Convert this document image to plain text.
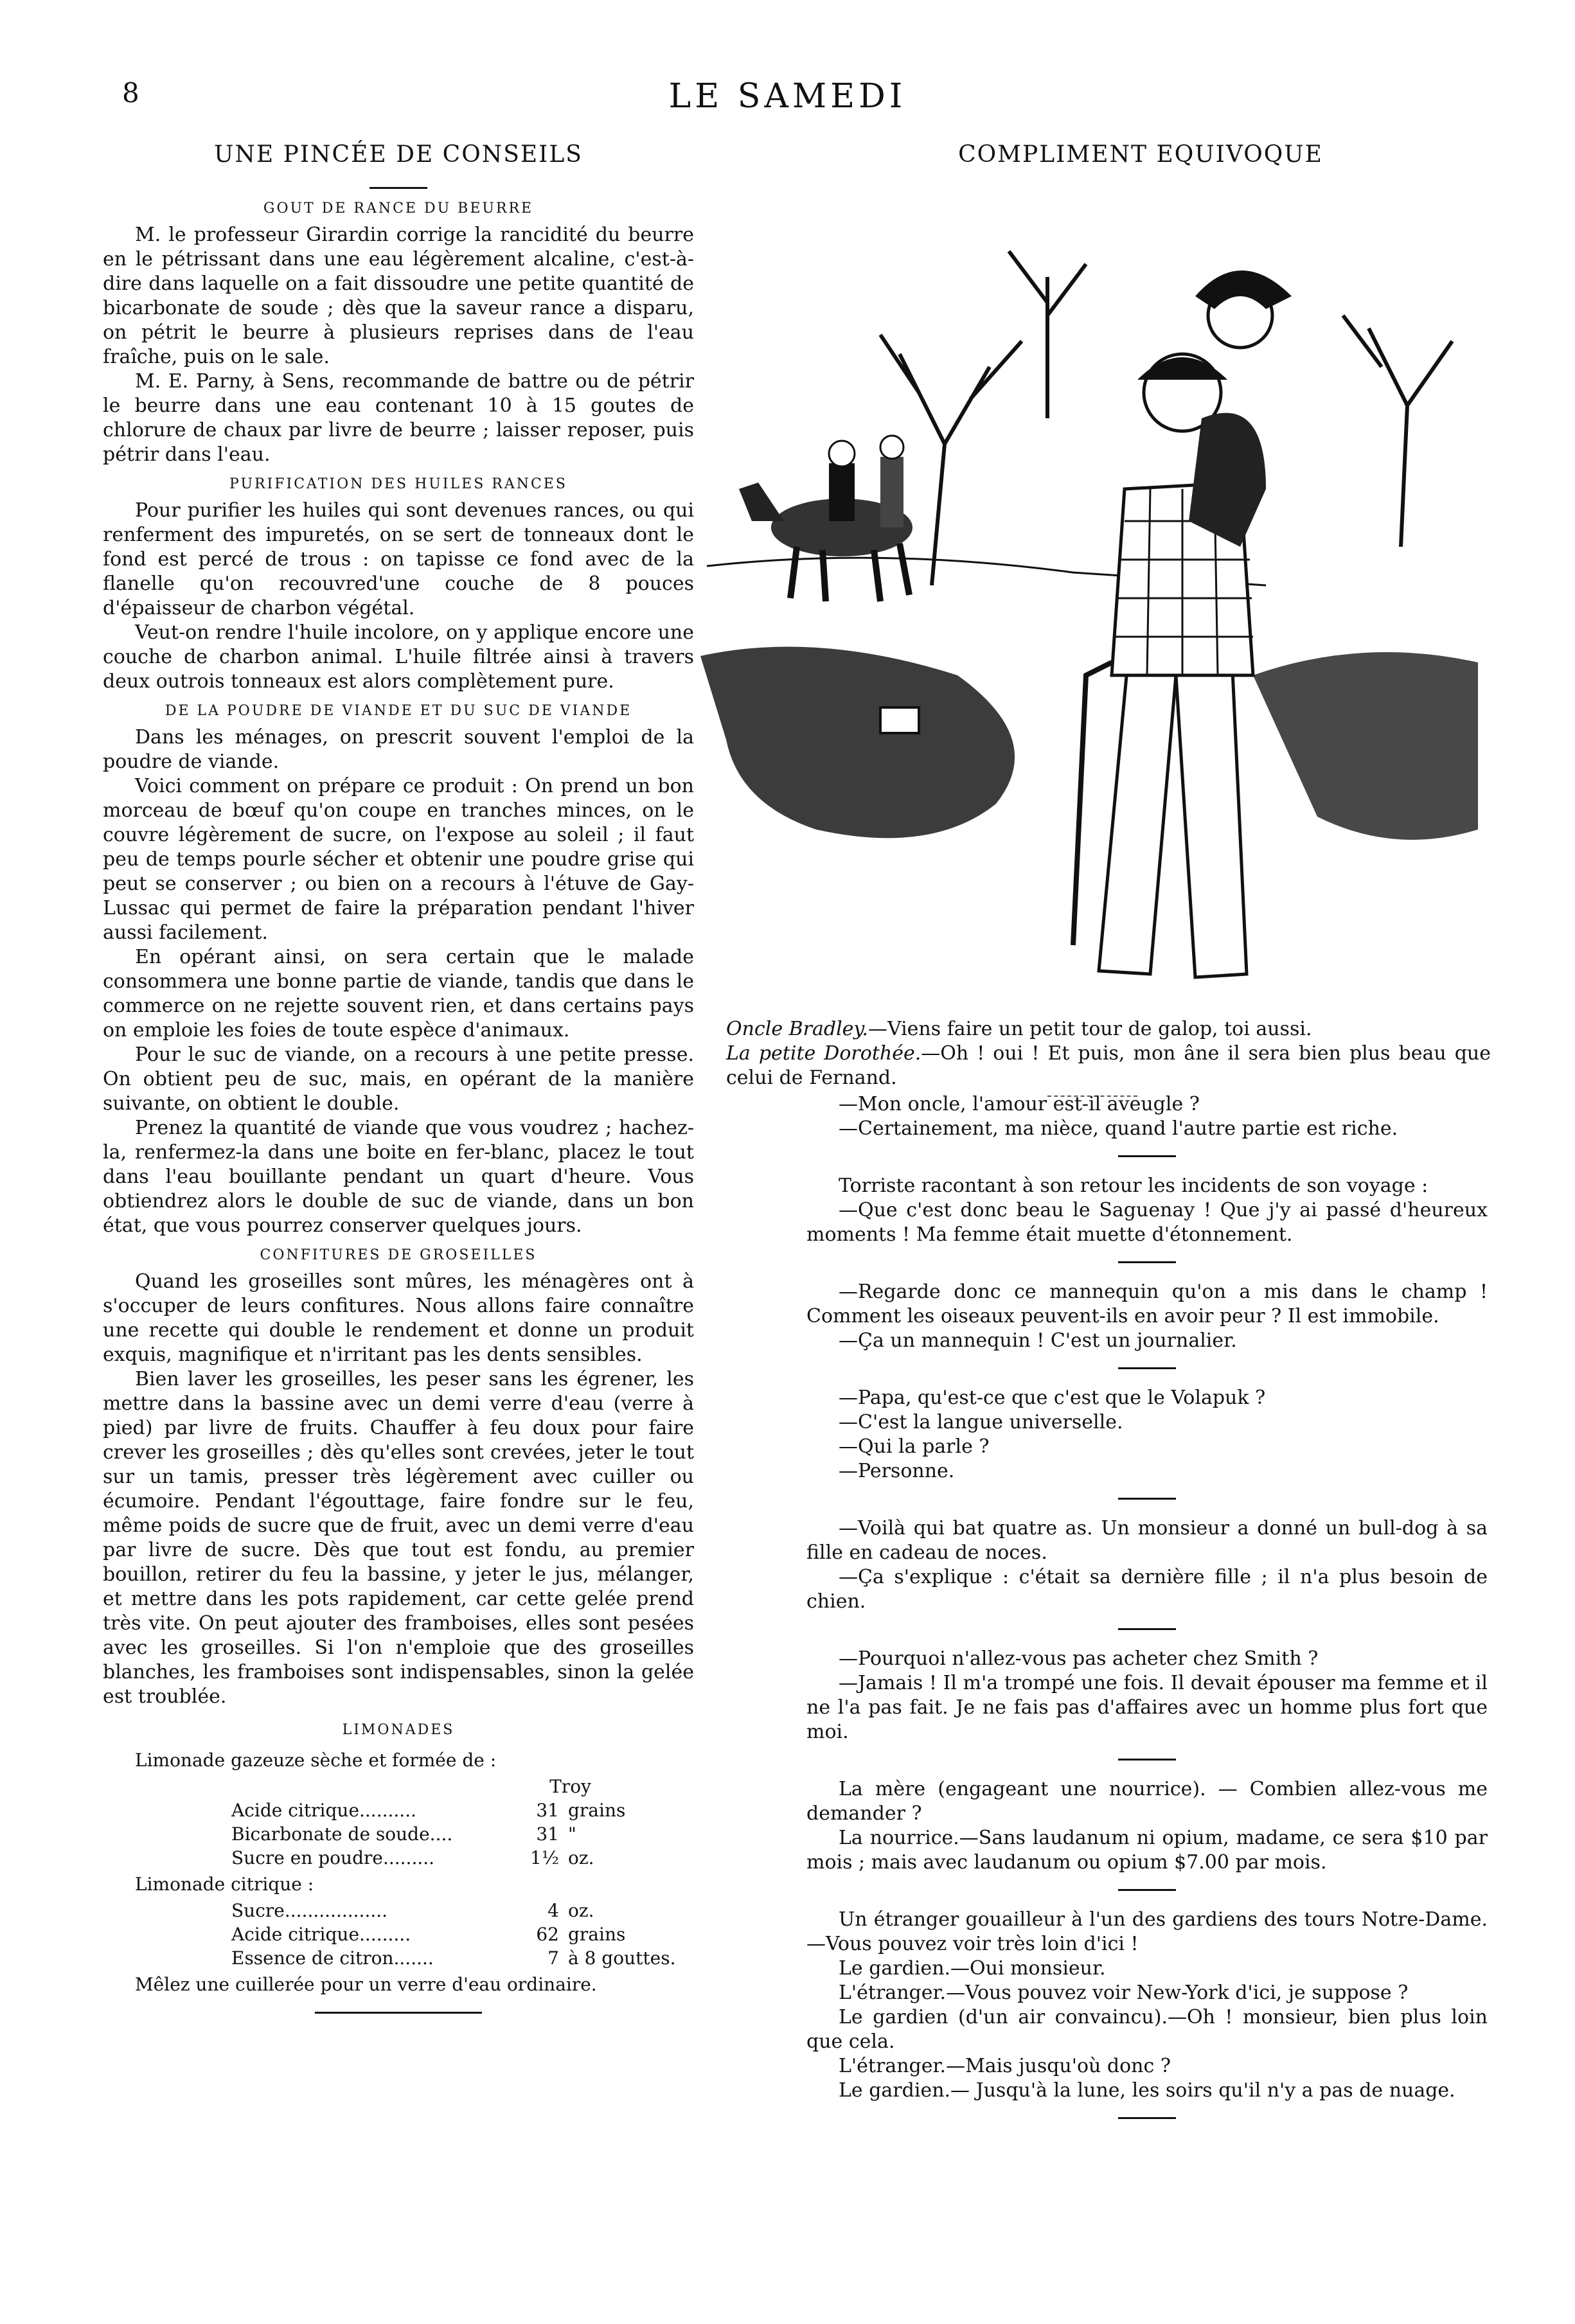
LE SAMEDI
8
UNE PINCÉE DE CONSEILS
GOUT DE RANCE DU BEURRE

M. le professeur Girardin corrige la rancidité du beurre en le pétrissant dans une eau légèrement alcaline, c'est-à-dire dans laquelle on a fait dissoudre une petite quantité de bicarbonate de soude ; dès que la saveur rance a disparu, on pétrit le beurre à plusieurs reprises dans de l'eau fraîche, puis on le sale.

M. E. Parny, à Sens, recommande de battre ou de pétrir le beurre dans une eau contenant 10 à 15 goutes de chlorure de chaux par livre de beurre ; laisser reposer, puis pétrir dans l'eau.

PURIFICATION DES HUILES RANCES

Pour purifier les huiles qui sont devenues rances, ou qui renferment des impuretés, on se sert de tonneaux dont le fond est percé de trous : on tapisse ce fond avec de la flanelle qu'on recouvred'une couche de 8 pouces d'épaisseur de charbon végétal.

Veut-on rendre l'huile incolore, on y applique encore une couche de charbon animal. L'huile filtrée ainsi à travers deux outrois tonneaux est alors complètement pure.

DE LA POUDRE DE VIANDE ET DU SUC DE VIANDE

Dans les ménages, on prescrit souvent l'emploi de la poudre de viande.

Voici comment on prépare ce produit : On prend un bon morceau de bœuf qu'on coupe en tranches minces, on le couvre légèrement de sucre, on l'expose au soleil ; il faut peu de temps pourle sécher et obtenir une poudre grise qui peut se conserver ; ou bien on a recours à l'étuve de Gay-Lussac qui permet de faire la préparation pendant l'hiver aussi facilement.

En opérant ainsi, on sera certain que le malade consommera une bonne partie de viande, tandis que dans le commerce on ne rejette souvent rien, et dans certains pays on emploie les foies de toute espèce d'animaux.

Pour le suc de viande, on a recours à une petite presse. On obtient peu de suc, mais, en opérant de la manière suivante, on obtient le double.

Prenez la quantité de viande que vous voudrez ; hachez-la, renfermez-la dans une boite en fer-blanc, placez le tout dans l'eau bouillante pendant un quart d'heure. Vous obtiendrez alors le double de suc de viande, dans un bon état, que vous pourrez conserver quelques jours.

CONFITURES DE GROSEILLES

Quand les groseilles sont mûres, les ménagères ont à s'occuper de leurs confitures. Nous allons faire connaître une recette qui double le rendement et donne un produit exquis, magnifique et n'irritant pas les dents sensibles.

Bien laver les groseilles, les peser sans les égrener, les mettre dans la bassine avec un demi verre d'eau (verre à pied) par livre de fruits. Chauffer à feu doux pour faire crever les groseilles ; dès qu'elles sont crevées, jeter le tout sur un tamis, presser très légèrement avec cuiller ou écumoire. Pendant l'égouttage, faire fondre sur le feu, même poids de sucre que de fruit, avec un demi verre d'eau par livre de sucre. Dès que tout est fondu, au premier bouillon, retirer du feu la bassine, y jeter le jus, mélanger, et mettre dans les pots rapidement, car cette gelée prend très vite. On peut ajouter des framboises, elles sont pesées avec les groseilles. Si l'on n'emploie que des groseilles blanches, les framboises sont indispensables, sinon la gelée est troublée.

LIMONADES
Limonade gazeuze sèche et formée de :
Troy
Acide citrique..........	31 grains
Bicarbonate de soude....	31 "
Sucre en poudre.........	1½ oz.
Limonade citrique :
Sucre..................	4 oz.
Acide citrique.........	62 grains
Essence de citron.......	7 à 8 gouttes.
Mêlez une cuillerée pour un verre d'eau ordinaire.
COMPLIMENT EQUIVOQUE

Oncle Bradley.—Viens faire un petit tour de galop, toi aussi.

La petite Dorothée.—Oh ! oui ! Et puis, mon âne il sera bien plus beau que celui de Fernand.

—Mon oncle, l'amour est-il aveugle ?

—Certainement, ma nièce, quand l'autre partie est riche.

Torriste racontant à son retour les incidents de son voyage :

—Que c'est donc beau le Saguenay ! Que j'y ai passé d'heureux moments ! Ma femme était muette d'étonnement.

—Regarde donc ce mannequin qu'on a mis dans le champ ! Comment les oiseaux peuvent-ils en avoir peur ? Il est immobile.

—Ça un mannequin ! C'est un journalier.

—Papa, qu'est-ce que c'est que le Volapuk ?

—C'est la langue universelle.

—Qui la parle ?

—Personne.

—Voilà qui bat quatre as. Un monsieur a donné un bull-dog à sa fille en cadeau de noces.

—Ça s'explique : c'était sa dernière fille ; il n'a plus besoin de chien.

—Pourquoi n'allez-vous pas acheter chez Smith ?

—Jamais ! Il m'a trompé une fois. Il devait épouser ma femme et il ne l'a pas fait. Je ne fais pas d'affaires avec un homme plus fort que moi.

La mère (engageant une nourrice). — Combien allez-vous me demander ?

La nourrice.—Sans laudanum ni opium, madame, ce sera $10 par mois ; mais avec laudanum ou opium $7.00 par mois.

Un étranger gouailleur à l'un des gardiens des tours Notre-Dame.—Vous pouvez voir très loin d'ici !

Le gardien.—Oui monsieur.

L'étranger.—Vous pouvez voir New-York d'ici, je suppose ?

Le gardien (d'un air convaincu).—Oh ! monsieur, bien plus loin que cela.

L'étranger.—Mais jusqu'où donc ?

Le gardien.— Jusqu'à la lune, les soirs qu'il n'y a pas de nuage.
